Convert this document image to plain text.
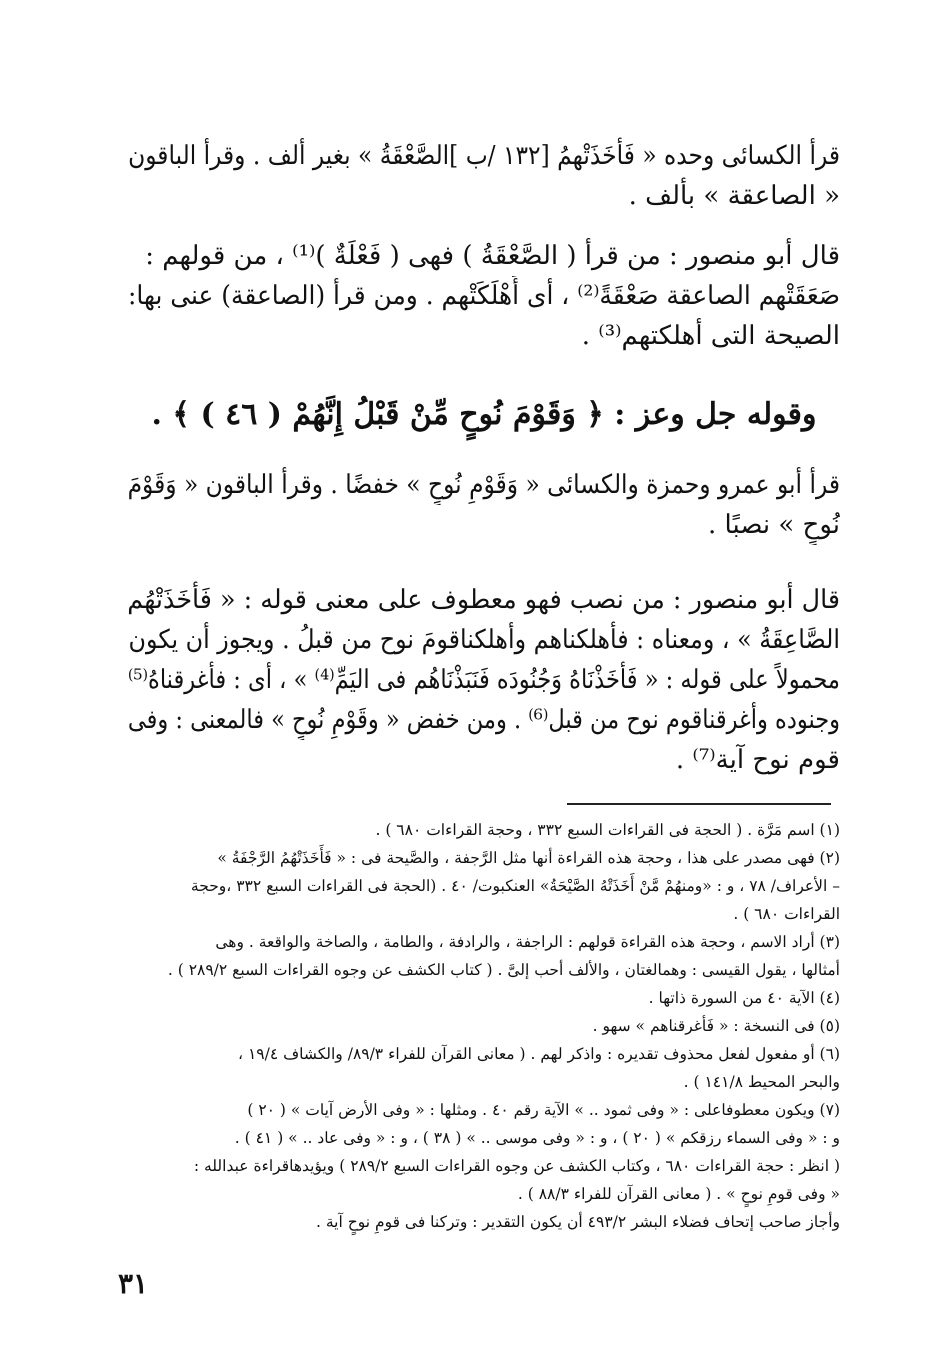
قرأ الكسائى وحده « فَأَخَذَتْهمُ [١٣٢ /ب ]الصَّعْقَةُ » بغير ألف . وقرأ الباقون
« الصاعقة » بألف .
قال أبو منصور : من قرأ ( الصَّعْقَةُ ) فهى ( فَعْلَةٌ )⁽¹⁾ ، من قولهم :
صَعَقَتْهم الصاعقة صَعْقَةً⁽²⁾ ، أى أَهْلَكَتْهم . ومن قرأ (الصاعقة) عنى بها:
الصيحة التى أهلكتهم⁽³⁾ .
وقوله جل وعز : ﴿ وَقَوْمَ نُوحٍ مِّنْ قَبْلُ إِنَّهُمْ ( ٤٦ ) ﴾ .
قرأ أبو عمرو وحمزة والكسائى « وَقَوْمِ نُوحٍ » خفضًا . وقرأ الباقون « وَقَوْمَ
نُوحٍ » نصبًا .
قال أبو منصور : من نصب فهو معطوف على معنى قوله : « فَأَخَذَتْهُم
الصَّاعِقَةُ » ، ومعناه : فأهلكناهم وأهلكناقومَ نوح من قبلُ . ويجوز أن يكون
محمولاً على قوله : « فَأَخَذْنَاهُ وَجُنُودَه فَنَبَذْنَاهُم فى اليَمِّ⁽⁴⁾ » ، أى : فأغرقناهُ⁽⁵⁾
وجنوده وأغرقناقوم نوح من قبل⁽⁶⁾ . ومن خفض « وقَوْمِ نُوحٍ » فالمعنى : وفى
قوم نوح آية⁽⁷⁾ .
(١) اسم مَرَّة . ( الحجة فى القراءات السبع ٣٣٢ ، وحجة القراءات ٦٨٠ ) .
(٢) فهى مصدر على هذا ، وحجة هذه القراءة أنها مثل الرَّجفة ، والصَّيحة فى : « فَأَخَذَتْهُمُ الرَّجْفَةُ »
– الأعراف/ ٧٨ ، و : «ومنهُمْ مَّنْ أَخَذَتْهُ الصَّيْحَةُ» العنكبوت/ ٤٠ . (الحجة فى القراءات السبع ٣٣٢ ،وحجة
القراءات ٦٨٠ ) .
(٣) أراد الاسم ، وحجة هذه القراءة قولهم : الراجفة ، والرادفة ، والطامة ، والصاخة والواقعة . وهى
أمثالها ، يقول القيسى : وهمالغتان ، والألف أحب إلىَّ . ( كتاب الكشف عن وجوه القراءات السبع ٢٨٩/٢ ) .
(٤) الآية ٤٠ من السورة ذاتها .
(٥) فى النسخة : « فَأغرقناهم » سهو .
(٦) أو مفعول لفعل محذوف تقديره : واذكر لهم . ( معانى القرآن للفراء ٨٩/٣/ والكشاف ١٩/٤ ،
والبحر المحيط ١٤١/٨ ) .
(٧) ويكون معطوفاعلى : « وفى ثمود .. » الآية رقم ٤٠ . ومثلها : « وفى الأرض آيات » ( ٢٠ )
و : « وفى السماء رزقكم » ( ٢٠ ) ، و : « وفى موسى .. » ( ٣٨ ) ، و : « وفى عاد .. » ( ٤١ ) .
( انظر : حجة القراءات ٦٨٠ ، وكتاب الكشف عن وجوه القراءات السبع ٢٨٩/٢ ) ويؤيدهاقراءة عبدالله :
« وفى قومِ نوحٍ » . ( معانى القرآن للفراء ٨٨/٣ ) .
وأجاز صاحب إتحاف فضلاء البشر ٤٩٣/٢ أن يكون التقدير : وتركنا فى قومِ نوحٍ آية .
٣١
